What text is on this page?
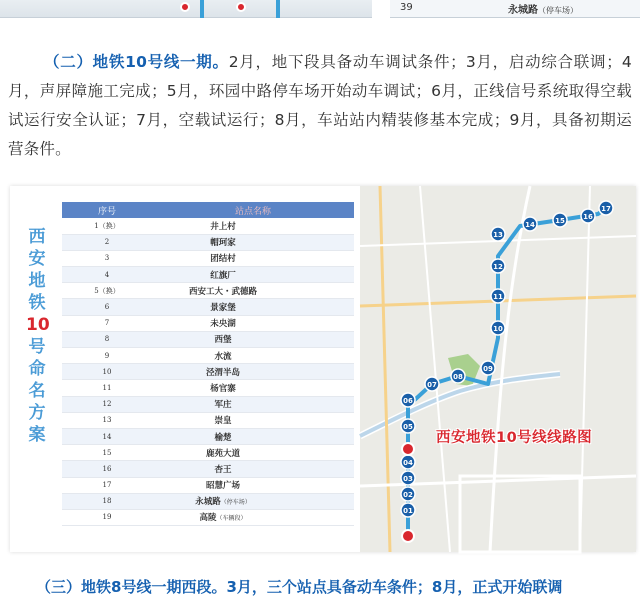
39	永城路（停车场）

（二）地铁10号线一期。2月，地下段具备动车调试条件；3月，启动综合联调；4月，声屏障施工完成；5月，环园中路停车场开始动车调试；6月，正线信号系统取得空载试运行安全认证；7月，空载试运行；8月，车站站内精装修基本完成；9月，具备初期运营条件。

西安地铁
10
号命名方案
序号	站点名称
1（换）	井上村
2	帽珂家
3	团结村
4	红旗厂
5（换）	西安工大・武德路
6	景家堡
7	未央湖
8	西堡
9	水流
10	泾渭半岛
11	杨官寨
12	军庄
13	崇皇
14	榆楚
15	鹿苑大道
16	杏王
17	昭慧广场
18	永城路（停车场）
19	高陵（车辆段）
01
02
03
04
05
06
07
08
09
10
11
12
13
14	15	16
17
西安地铁10号线线路图
（三）地铁8号线一期西段。3月，三个站点具备动车条件；8月，正式开始联调
